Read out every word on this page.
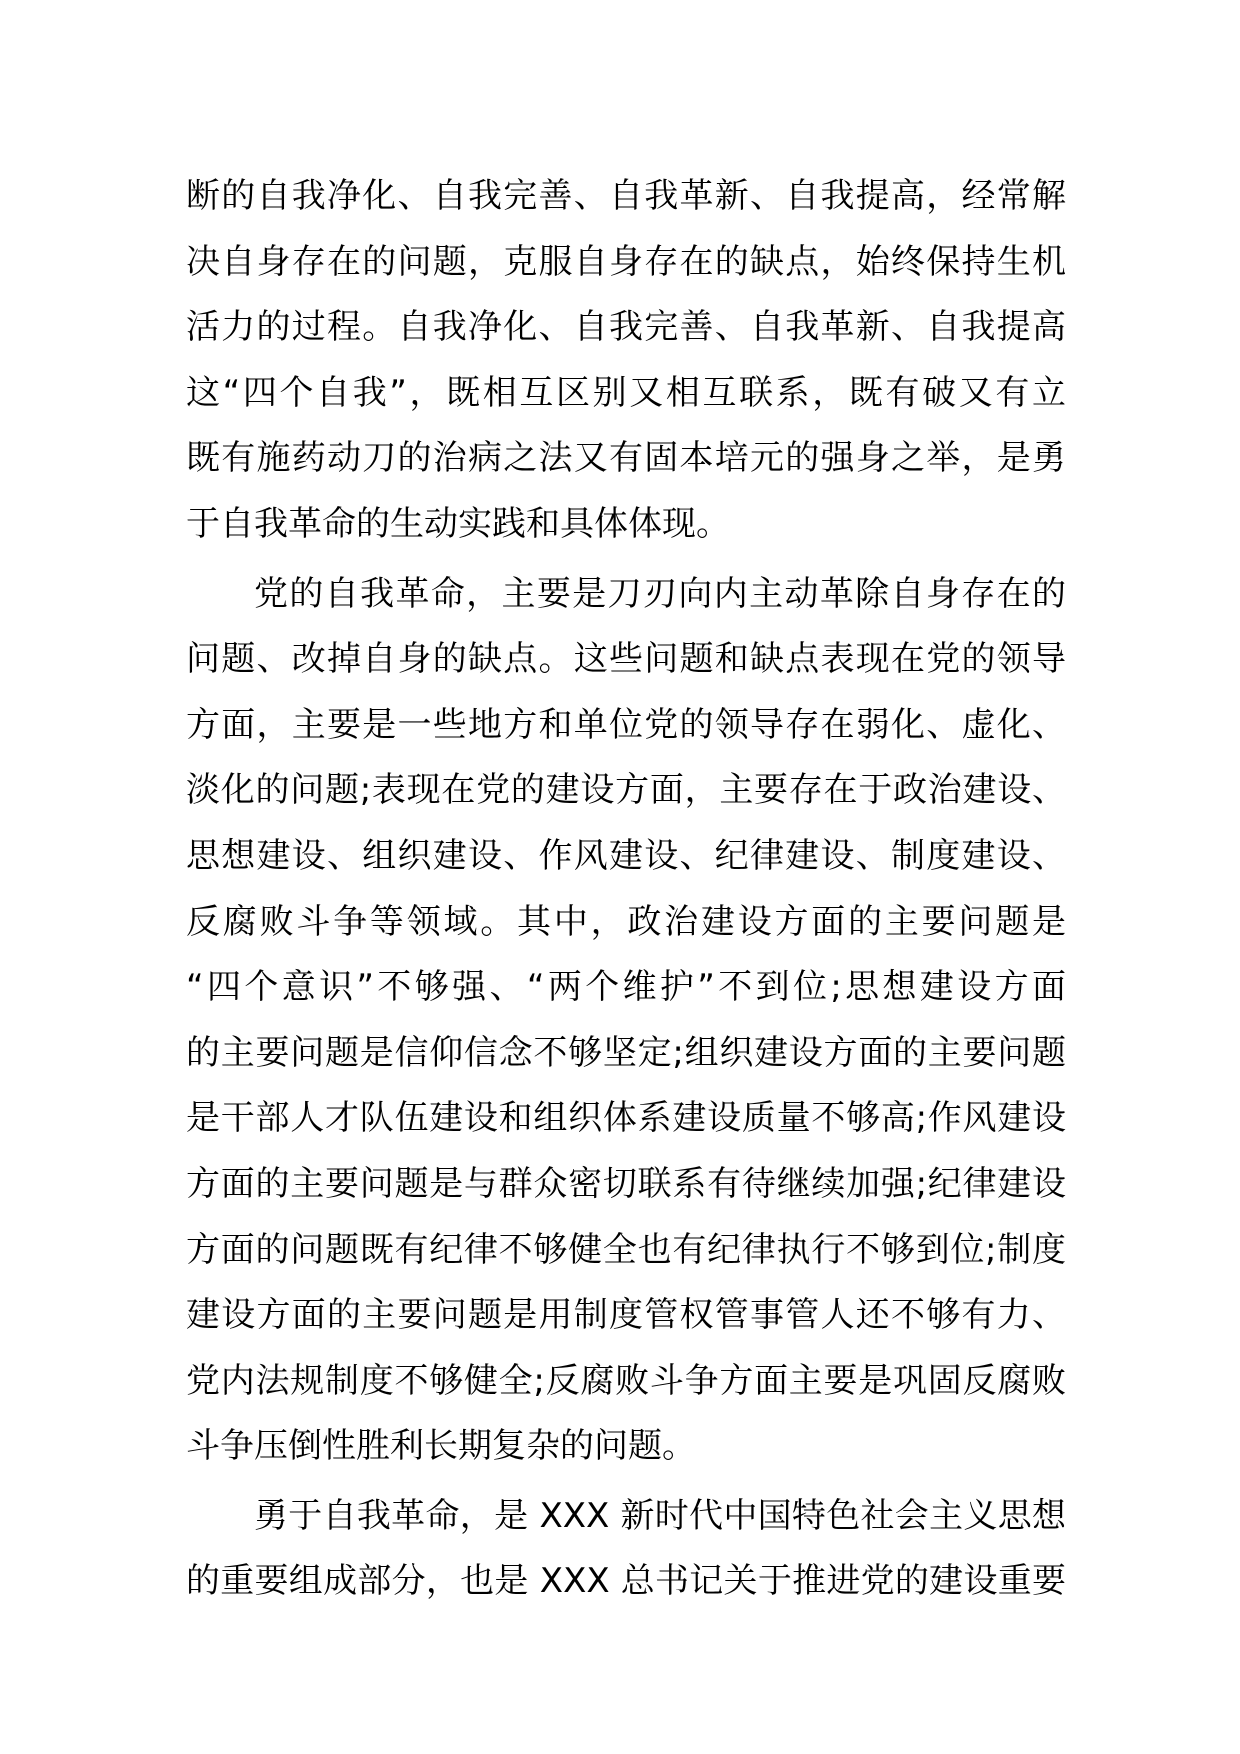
断的自我净化、自我完善、自我革新、自我提高，经常解
决自身存在的问题，克服自身存在的缺点，始终保持生机
活力的过程。自我净化、自我完善、自我革新、自我提高
这“四个自我”，既相互区别又相互联系，既有破又有立
既有施药动刀的治病之法又有固本培元的强身之举，是勇
于自我革命的生动实践和具体体现。
党的自我革命，主要是刀刃向内主动革除自身存在的
问题、改掉自身的缺点。这些问题和缺点表现在党的领导
方面，主要是一些地方和单位党的领导存在弱化、虚化、
淡化的问题;表现在党的建设方面，主要存在于政治建设、
思想建设、组织建设、作风建设、纪律建设、制度建设、
反腐败斗争等领域。其中，政治建设方面的主要问题是
“四个意识”不够强、“两个维护”不到位;思想建设方面
的主要问题是信仰信念不够坚定;组织建设方面的主要问题
是干部人才队伍建设和组织体系建设质量不够高;作风建设
方面的主要问题是与群众密切联系有待继续加强;纪律建设
方面的问题既有纪律不够健全也有纪律执行不够到位;制度
建设方面的主要问题是用制度管权管事管人还不够有力、
党内法规制度不够健全;反腐败斗争方面主要是巩固反腐败
斗争压倒性胜利长期复杂的问题。
勇于自我革命，是 XXX 新时代中国特色社会主义思想
的重要组成部分，也是 XXX 总书记关于推进党的建设重要
